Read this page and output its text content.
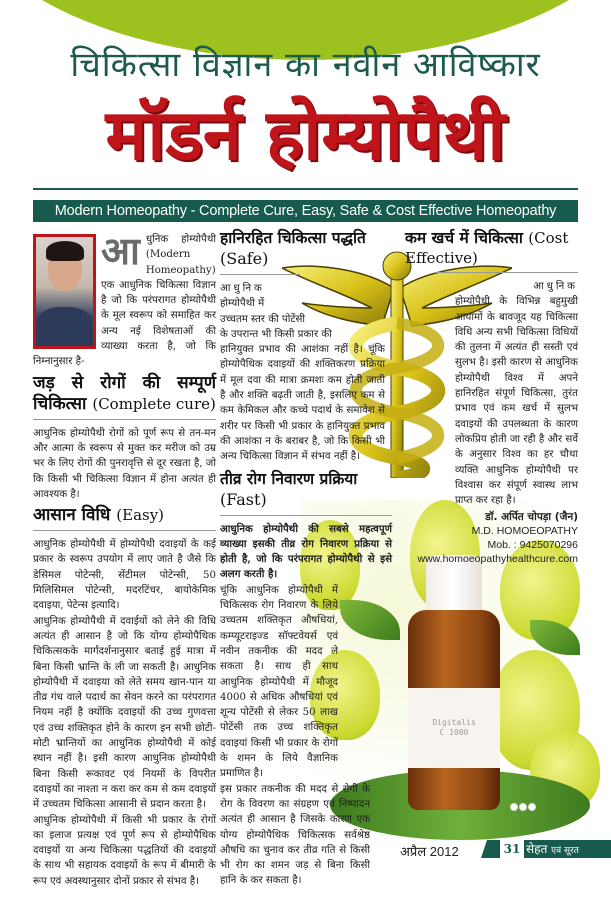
चिकित्सा विज्ञान का नवीन आविष्कार
मॉडर्न होम्योपैथी
Modern Homeopathy - Complete Cure, Easy, Safe & Cost Effective Homeopathy
Digitalis
C 1000
आ धुनिक होम्योपैथी (Modern Homeopathy) एक आधुनिक चिकित्सा विज्ञान है जो कि परंपरागत होम्योपैथी के मूल स्वरूप को समाहित कर अन्य नई विशेषताओं की व्याख्या करता है, जो कि निम्नानुसार है-

जड़ से रोगों की सम्पूर्ण चिकित्सा (Complete cure)

आधुनिक होम्योपैथी रोगों को पूर्ण रूप से तन-मन और आत्मा के स्वरूप से मुक्त कर मरीज को उम्र भर के लिए रोगों की पुनरावृत्ति से दूर रखता है, जो कि किसी भी चिकित्सा विज्ञान में होना अत्यंत ही आवश्यक है।

आसान विधि (Easy)

आधुनिक होम्योपैथी में होम्योपैथी दवाइयों के कई प्रकार के स्वरूप उपयोग में लाए जाते है जैसे कि डेसिमल पोटेन्सी, सेंटीमल पोटेन्सी, 50 मिलिसिमल पोटेन्सी, मदरटिंचर, बायोकेमिक दवाइया, पेटेन्स इत्यादि।

आधुनिक होम्योपैथी में दवाईयों को लेने की विधि अत्यंत ही आसान है जो कि योग्य होम्योपैथिक चिकित्सकके मार्गदर्शनानुसार बताई हुई मात्रा में बिना किसी भ्रान्ति के ली जा सकती है। आधुनिक होम्योपैथी में दवाइया को लेते समय खान-पान या तीव्र गंध वाले पदार्थ का सेवन करने का परंपरागत नियम नहीं है क्योंकि दवाइयों की उच्च गुणवत्ता एवं उच्च शक्तिकृत होने के कारण इन सभी छोटी-मोटी भ्रान्तियों का आधुनिक होम्योपैथी में कोई स्थान नहीं है। इसी कारण आधुनिक होम्योपैथी बिना किसी रूकावट एवं नियमों के विपरीत दवाइयों का नाश्ता न करा कर कम से कम दवाइयों में उच्चतम चिकित्सा आसानी से प्रदान करता है।

आधुनिक होम्योपैथी में किसी भी प्रकार के रोगों का इलाज प्रत्यक्ष एवं पूर्ण रूप से होम्योपैथिक दवाइयों या अन्य चिकित्सा पद्धतियों की दवाइयों के साथ भी सहायक दवाइयों के रूप में बीमारी के रूप एवं अवस्थानुसार दोनों प्रकार से संभव है।

हानिरहित चिकित्सा पद्धति
(Safe)
आधुनिक
होम्योपैथी में
उच्चतम स्तर की पोटेंसी
के उपरान्त भी किसी प्रकार की

हानियुक्त प्रभाव की आशंका नहीं है। चूंकि होम्योपैथिक दवाइयों की शक्तिकरण प्रक्रिया में मूल दवा की मात्रा क्रमशः कम होती जाती है और शक्ति बढ़ती जाती है, इसलिए कम से कम केमिकल और कच्चे पदार्थ के समावेश से शरीर पर किसी भी प्रकार के हानियुक्त प्रभाव की आशंका न के बराबर है, जो कि किसी भी अन्य चिकित्सा विज्ञान में संभव नहीं है।

तीव्र रोग निवारण प्रक्रिया
(Fast)

आधुनिक होम्योपैथी की सबसे महत्वपूर्ण व्याख्या इसकी तीव्र रोग निवारण प्रक्रिया से होती है, जो कि परंपरागत होम्योपैथी से इसे अलग करती है।

चूंकि आधुनिक होम्योपैथी में चिकित्सक रोग निवारण के लिये उच्चतम शक्तिकृत औषधियां, कम्प्यूटराइज्ड सॉफ्टवेयर्स एवं नवीन तकनीक की मदद ले सकता है। साथ ही साथ आधुनिक होम्योपैथी में मौजूद 4000 से अधिक औषधियां एवं शून्य पोटेंसी से लेकर 50 लाख पोटेंसी तक उच्च शक्तिकृत दवाइयां किसी भी प्रकार के रोगों के शमन के लिये वैज्ञानिक प्रमाणित है।

इस प्रकार तकनीक की मदद से रोगी के रोग के विवरण का संग्रहण एवं निष्पादन अत्यंत ही आसान है जिसके कारण एक योग्य होम्योपैथिक चिकित्सक सर्वश्रेष्ठ औषधि का चुनाव कर तीव्र गति से किसी भी रोग का शमन जड़ से बिना किसी हानि के कर सकता है।

कम खर्च में चिकित्सा (Cost Effective)
आधुनिक

होम्योपैथी के विभिन्न बहुमुखी आयामों के बावजूद यह चिकित्सा विधि अन्य सभी चिकित्सा विधियों की तुलना में अत्यंत ही सस्ती एवं सुलभ है। इसी कारण से आधुनिक होम्योपैथी विश्व में अपने हानिरहित संपूर्ण चिकित्सा, तुरंत प्रभाव एवं कम खर्च में सुलभ दवाइयों की उपलब्धता के कारण लोकप्रिय होती जा रही है और सर्वे के अनुसार विश्व का हर चौथा व्यक्ति आधुनिक होम्योपैथी पर विश्वास कर संपूर्ण स्वास्थ लाभ प्राप्त कर रहा है।

डॉ. अर्पित चोपड़ा (जैन)
M.D. HOMOEOPATHY
Mob. : 9425070296
www.homoeopathyhealthcure.com
अप्रैल 2012	31 सेहत एवं सूरत
